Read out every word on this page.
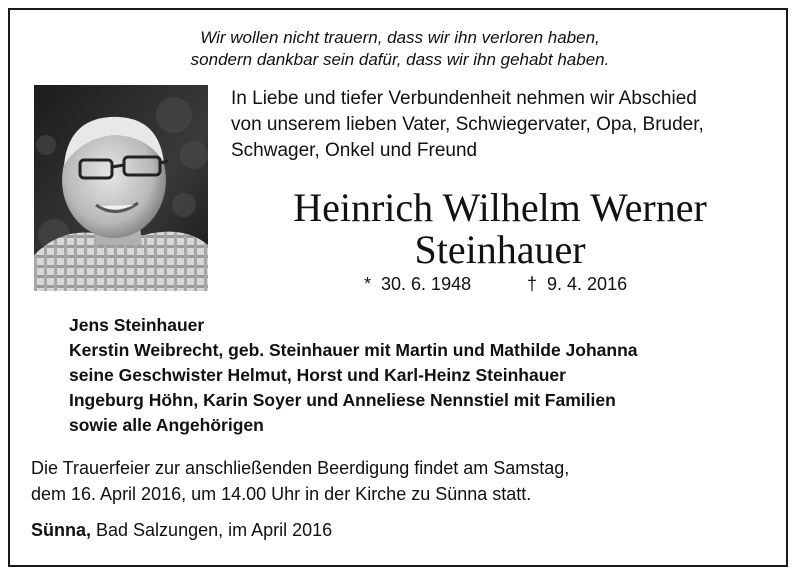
Wir wollen nicht trauern, dass wir ihn verloren haben,
sondern dankbar sein dafür, dass wir ihn gehabt haben.
In Liebe und tiefer Verbundenheit nehmen wir Abschied
von unserem lieben Vater, Schwiegervater, Opa, Bruder,
Schwager, Onkel und Freund
Heinrich Wilhelm Werner
Steinhauer
* 30. 6. 1948	† 9. 4. 2016
Jens Steinhauer
Kerstin Weibrecht, geb. Steinhauer mit Martin und Mathilde Johanna
seine Geschwister Helmut, Horst und Karl-Heinz Steinhauer
Ingeburg Höhn, Karin Soyer und Anneliese Nennstiel mit Familien
sowie alle Angehörigen
Die Trauerfeier zur anschließenden Beerdigung findet am Samstag,
dem 16. April 2016, um 14.00 Uhr in der Kirche zu Sünna statt.
Sünna, Bad Salzungen, im April 2016
